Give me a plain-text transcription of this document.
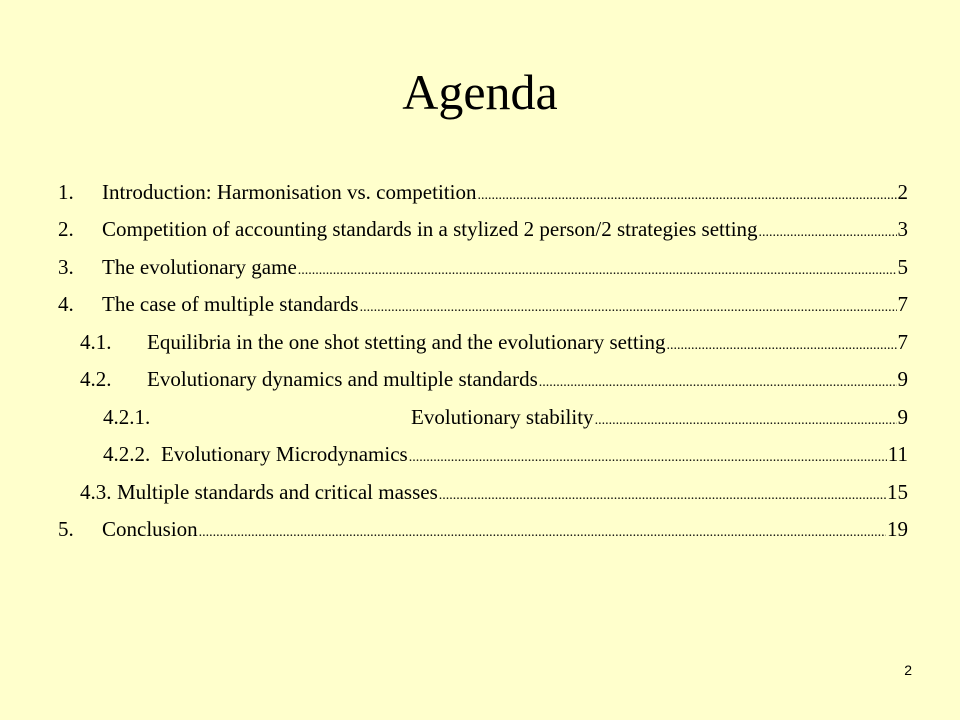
Agenda
1.	Introduction: Harmonisation vs. competition .....	2
2.	Competition of accounting standards in a stylized 2 person/2 strategies setting .....	3
3.	The evolutionary game .....	5
4.	The case of multiple standards .....	7
4.1.	Equilibria in the one shot stetting and the evolutionary setting .....	7
4.2.	Evolutionary dynamics and multiple standards .....	9
4.2.1.	Evolutionary stability .....	9
4.2.2. Evolutionary Microdynamics .....	11
4.3. Multiple standards and critical masses .....	15
5.	Conclusion .....	19
2
